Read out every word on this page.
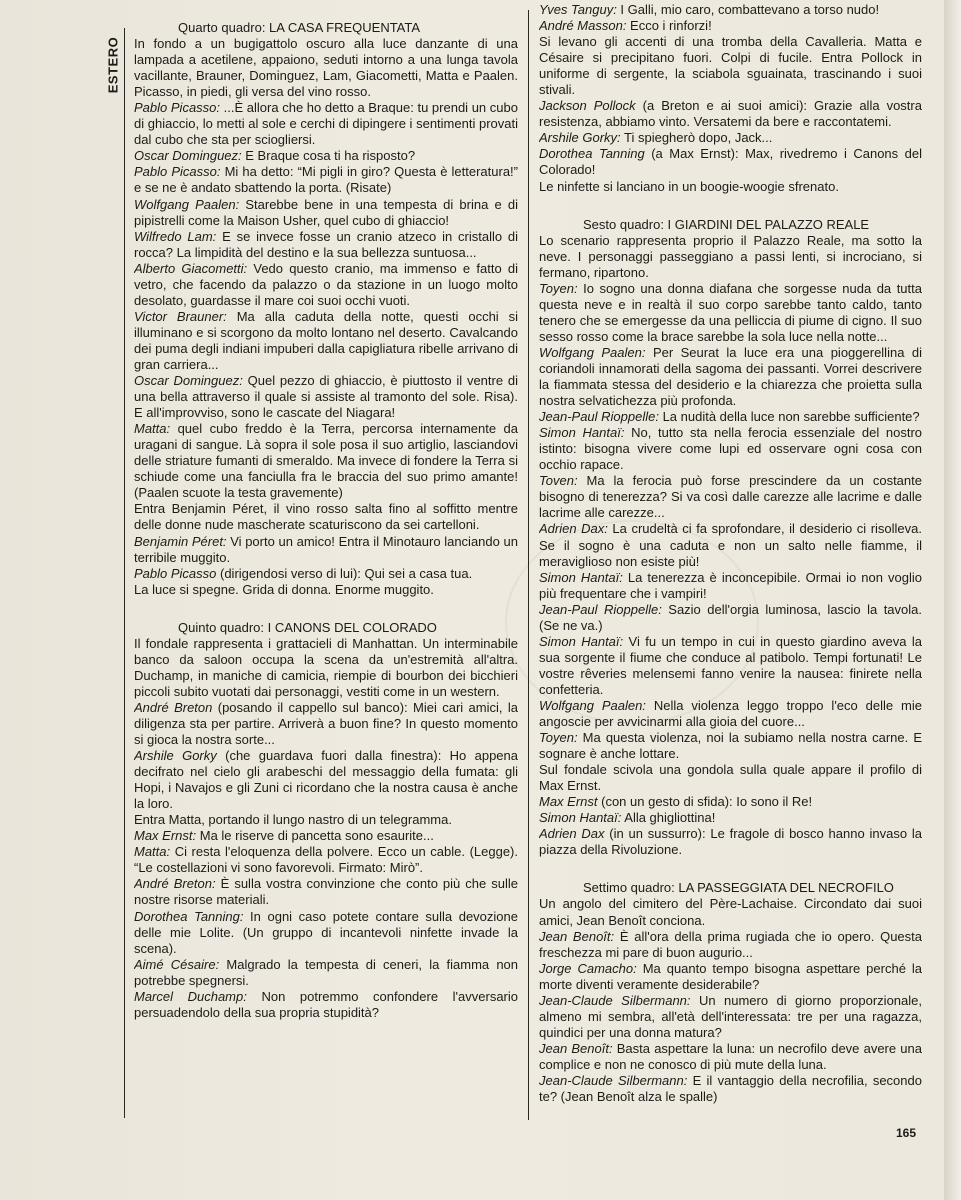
ESTERO

Quarto quadro: LA CASA FREQUENTATA

In fondo a un bugigattolo oscuro alla luce danzante di una lampada a acetilene, appaiono, seduti intorno a una lunga tavola vacillante, Brauner, Dominguez, Lam, Giacometti, Matta e Paalen. Picasso, in piedi, gli versa del vino rosso.

Pablo Picasso: ...È allora che ho detto a Braque: tu prendi un cubo di ghiaccio, lo metti al sole e cerchi di dipingere i sentimenti provati dal cubo che sta per sciogliersi.

Oscar Dominguez: E Braque cosa ti ha risposto?

Pablo Picasso: Mi ha detto: “Mi pigli in giro? Questa è letteratura!” e se ne è andato sbattendo la porta. (Risate)

Wolfgang Paalen: Starebbe bene in una tempesta di brina e di pipistrelli come la Maison Usher, quel cubo di ghiaccio!

Wilfredo Lam: E se invece fosse un cranio atzeco in cristallo di rocca? La limpidità del destino e la sua bellezza suntuosa...

Alberto Giacometti: Vedo questo cranio, ma immenso e fatto di vetro, che facendo da palazzo o da stazione in un luogo molto desolato, guardasse il mare coi suoi occhi vuoti.

Victor Brauner: Ma alla caduta della notte, questi occhi si illuminano e si scorgono da molto lontano nel deserto. Cavalcando dei puma degli indiani impuberi dalla capigliatura ribelle arrivano di gran carriera...

Oscar Dominguez: Quel pezzo di ghiaccio, è piuttosto il ventre di una bella attraverso il quale si assiste al tramonto del sole. Risa). E all'improvviso, sono le cascate del Niagara!

Matta: quel cubo freddo è la Terra, percorsa internamente da uragani di sangue. Là sopra il sole posa il suo artiglio, lasciandovi delle striature fumanti di smeraldo. Ma invece di fondere la Terra si schiude come una fanciulla fra le braccia del suo primo amante! (Paalen scuote la testa gravemente)

Entra Benjamin Péret, il vino rosso salta fino al soffitto mentre delle donne nude mascherate scaturiscono da sei cartelloni.

Benjamin Péret: Vi porto un amico! Entra il Minotauro lanciando un terribile muggito.

Pablo Picasso (dirigendosi verso di lui): Qui sei a casa tua.

La luce si spegne. Grida di donna. Enorme muggito.

Quinto quadro: I CANONS DEL COLORADO

Il fondale rappresenta i grattacieli di Manhattan. Un interminabile banco da saloon occupa la scena da un'estremità all'altra. Duchamp, in maniche di camicia, riempie di bourbon dei bicchieri piccoli subito vuotati dai personaggi, vestiti come in un western.

André Breton (posando il cappello sul banco): Miei cari amici, la diligenza sta per partire. Arriverà a buon fine? In questo momento si gioca la nostra sorte...

Arshile Gorky (che guardava fuori dalla finestra): Ho appena decifrato nel cielo gli arabeschi del messaggio della fumata: gli Hopi, i Navajos e gli Zuni ci ricordano che la nostra causa è anche la loro.

Entra Matta, portando il lungo nastro di un telegramma.

Max Ernst: Ma le riserve di pancetta sono esaurite...

Matta: Ci resta l'eloquenza della polvere. Ecco un cable. (Legge). “Le costellazioni vi sono favorevoli. Firmato: Mirò”.

André Breton: È sulla vostra convinzione che conto più che sulle nostre risorse materiali.

Dorothea Tanning: In ogni caso potete contare sulla devozione delle mie Lolite. (Un gruppo di incantevoli ninfette invade la scena).

Aimé Césaire: Malgrado la tempesta di ceneri, la fiamma non potrebbe spegnersi.

Marcel Duchamp: Non potremmo confondere l'avversario persuadendolo della sua propria stupidità?

Yves Tanguy: I Galli, mio caro, combattevano a torso nudo!

André Masson: Ecco i rinforzi!

Si levano gli accenti di una tromba della Cavalleria. Matta e Césaire si precipitano fuori. Colpi di fucile. Entra Pollock in uniforme di sergente, la sciabola sguainata, trascinando i suoi stivali.

Jackson Pollock (a Breton e ai suoi amici): Grazie alla vostra resistenza, abbiamo vinto. Versatemi da bere e raccontatemi.

Arshile Gorky: Ti spiegherò dopo, Jack...

Dorothea Tanning (a Max Ernst): Max, rivedremo i Canons del Colorado!

Le ninfette si lanciano in un boogie-woogie sfrenato.

Sesto quadro: I GIARDINI DEL PALAZZO REALE

Lo scenario rappresenta proprio il Palazzo Reale, ma sotto la neve. I personaggi passeggiano a passi lenti, si incrociano, si fermano, ripartono.

Toyen: Io sogno una donna diafana che sorgesse nuda da tutta questa neve e in realtà il suo corpo sarebbe tanto caldo, tanto tenero che se emergesse da una pelliccia di piume di cigno. Il suo sesso rosso come la brace sarebbe la sola luce nella notte...

Wolfgang Paalen: Per Seurat la luce era una pioggerellina di coriandoli innamorati della sagoma dei passanti. Vorrei descrivere la fiammata stessa del desiderio e la chiarezza che proietta sulla nostra selvatichezza più profonda.

Jean-Paul Rioppelle: La nudità della luce non sarebbe sufficiente?

Simon Hantaï: No, tutto sta nella ferocia essenziale del nostro istinto: bisogna vivere come lupi ed osservare ogni cosa con occhio rapace.

Toven: Ma la ferocia può forse prescindere da un costante bisogno di tenerezza? Si va così dalle carezze alle lacrime e dalle lacrime alle carezze...

Adrien Dax: La crudeltà ci fa sprofondare, il desiderio ci risolleva. Se il sogno è una caduta e non un salto nelle fiamme, il meraviglioso non esiste più!

Simon Hantaï: La tenerezza è inconcepibile. Ormai io non voglio più frequentare che i vampiri!

Jean-Paul Rioppelle: Sazio dell'orgia luminosa, lascio la tavola. (Se ne va.)

Simon Hantaï: Vi fu un tempo in cui in questo giardino aveva la sua sorgente il fiume che conduce al patibolo. Tempi fortunati! Le vostre rêveries melensemi fanno venire la nausea: finirete nella confetteria.

Wolfgang Paalen: Nella violenza leggo troppo l'eco delle mie angoscie per avvicinarmi alla gioia del cuore...

Toyen: Ma questa violenza, noi la subiamo nella nostra carne. E sognare è anche lottare.

Sul fondale scivola una gondola sulla quale appare il profilo di Max Ernst.

Max Ernst (con un gesto di sfida): Io sono il Re!

Simon Hantaï: Alla ghigliottina!

Adrien Dax (in un sussurro): Le fragole di bosco hanno invaso la piazza della Rivoluzione.

Settimo quadro: LA PASSEGGIATA DEL NECROFILO

Un angolo del cimitero del Père-Lachaise. Circondato dai suoi amici, Jean Benoît conciona.

Jean Benoît: È all'ora della prima rugiada che io opero. Questa freschezza mi pare di buon augurio...

Jorge Camacho: Ma quanto tempo bisogna aspettare perché la morte diventi veramente desiderabile?

Jean-Claude Silbermann: Un numero di giorno proporzionale, almeno mi sembra, all'età dell'interessata: tre per una ragazza, quindici per una donna matura?

Jean Benoît: Basta aspettare la luna: un necrofilo deve avere una complice e non ne conosco di più mute della luna.

Jean-Claude Silbermann: E il vantaggio della necrofilia, secondo te? (Jean Benoît alza le spalle)

165
